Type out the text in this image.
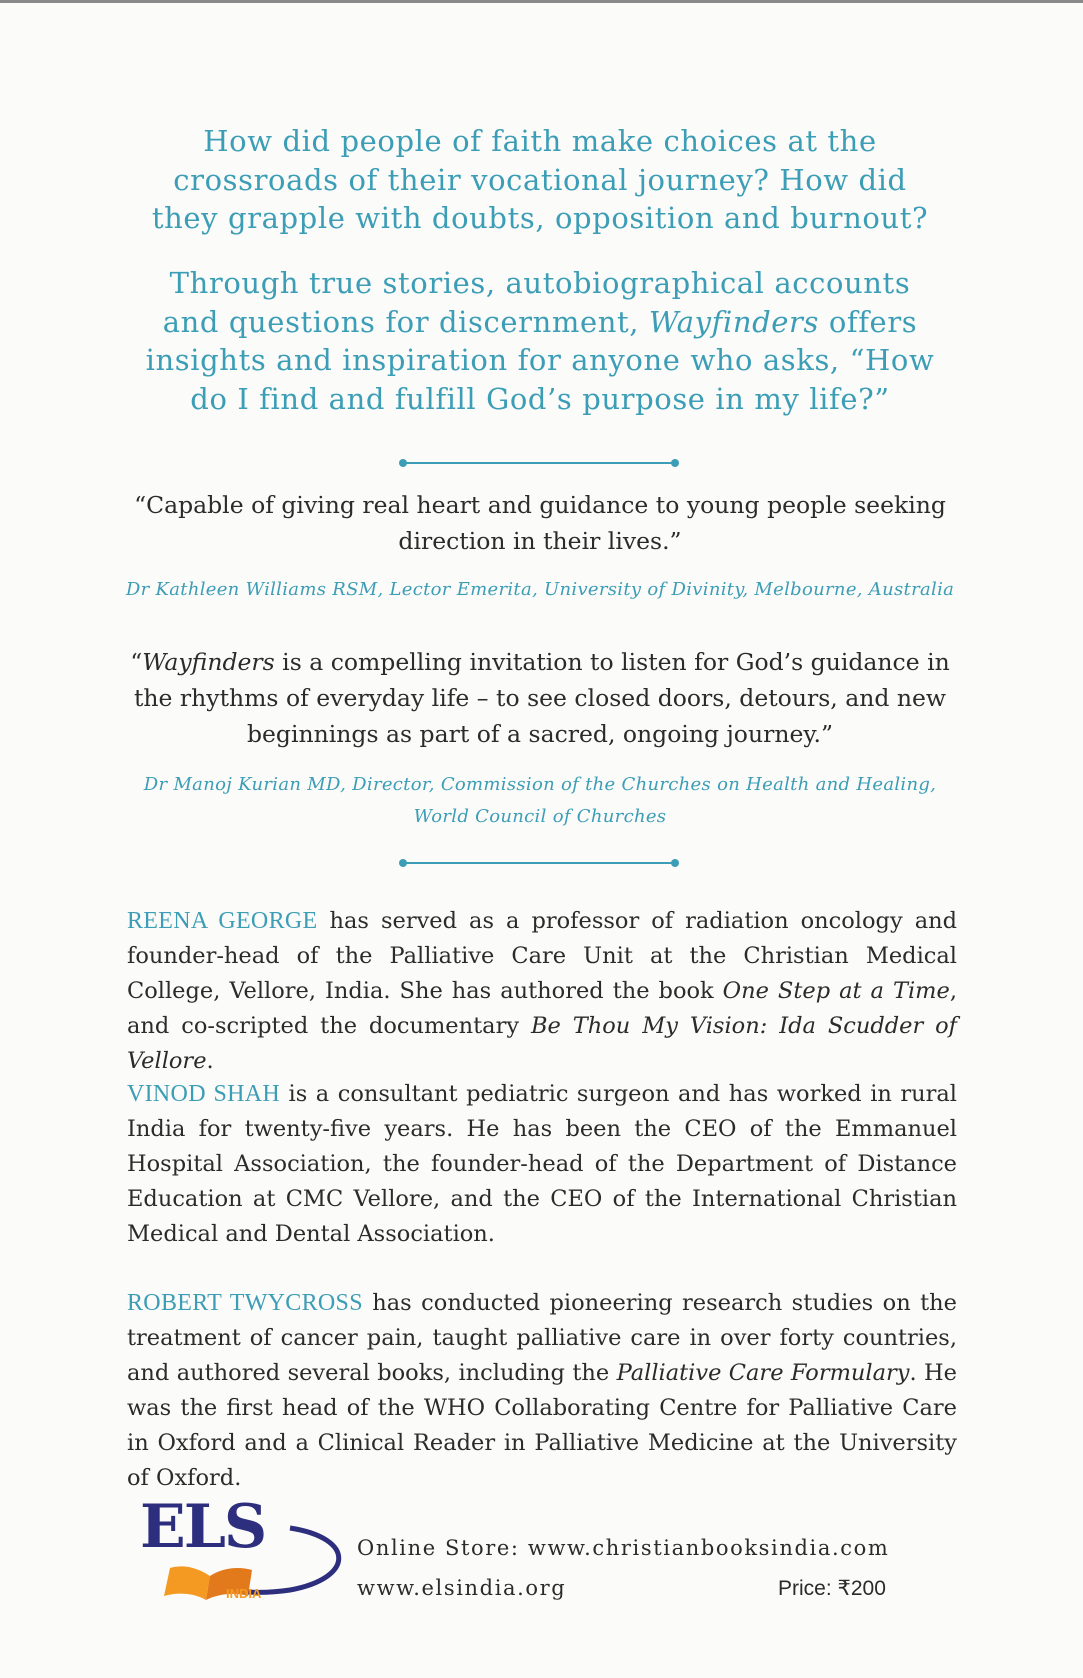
How did people of faith make choices at the crossroads of their vocational journey? How did they grapple with doubts, opposition and burnout?
Through true stories, autobiographical accounts and questions for discernment, Wayfinders offers insights and inspiration for anyone who asks, “How do I find and fulfill God’s purpose in my life?”
“Capable of giving real heart and guidance to young people seeking direction in their lives.”
Dr Kathleen Williams RSM, Lector Emerita, University of Divinity, Melbourne, Australia
“Wayfinders is a compelling invitation to listen for God’s guidance in the rhythms of everyday life – to see closed doors, detours, and new beginnings as part of a sacred, ongoing journey.”
Dr Manoj Kurian MD, Director, Commission of the Churches on Health and Healing,
World Council of Churches
REENA GEORGE has served as a professor of radiation oncology and founder-head of the Palliative Care Unit at the Christian Medical College, Vellore, India. She has authored the book One Step at a Time, and co-scripted the documentary Be Thou My Vision: Ida Scudder of Vellore.
VINOD SHAH is a consultant pediatric surgeon and has worked in rural India for twenty-five years. He has been the CEO of the Emmanuel Hospital Association, the founder-head of the Department of Distance Education at CMC Vellore, and the CEO of the International Christian Medical and Dental Association.
ROBERT TWYCROSS has conducted pioneering research studies on the treatment of cancer pain, taught palliative care in over forty countries, and authored several books, including the Palliative Care Formulary. He was the first head of the WHO Collaborating Centre for Palliative Care in Oxford and a Clinical Reader in Palliative Medicine at the University of Oxford.
ELS
INDIA
Online Store: www.christianbooksindia.com
www.elsindia.org	Price: ₹200
